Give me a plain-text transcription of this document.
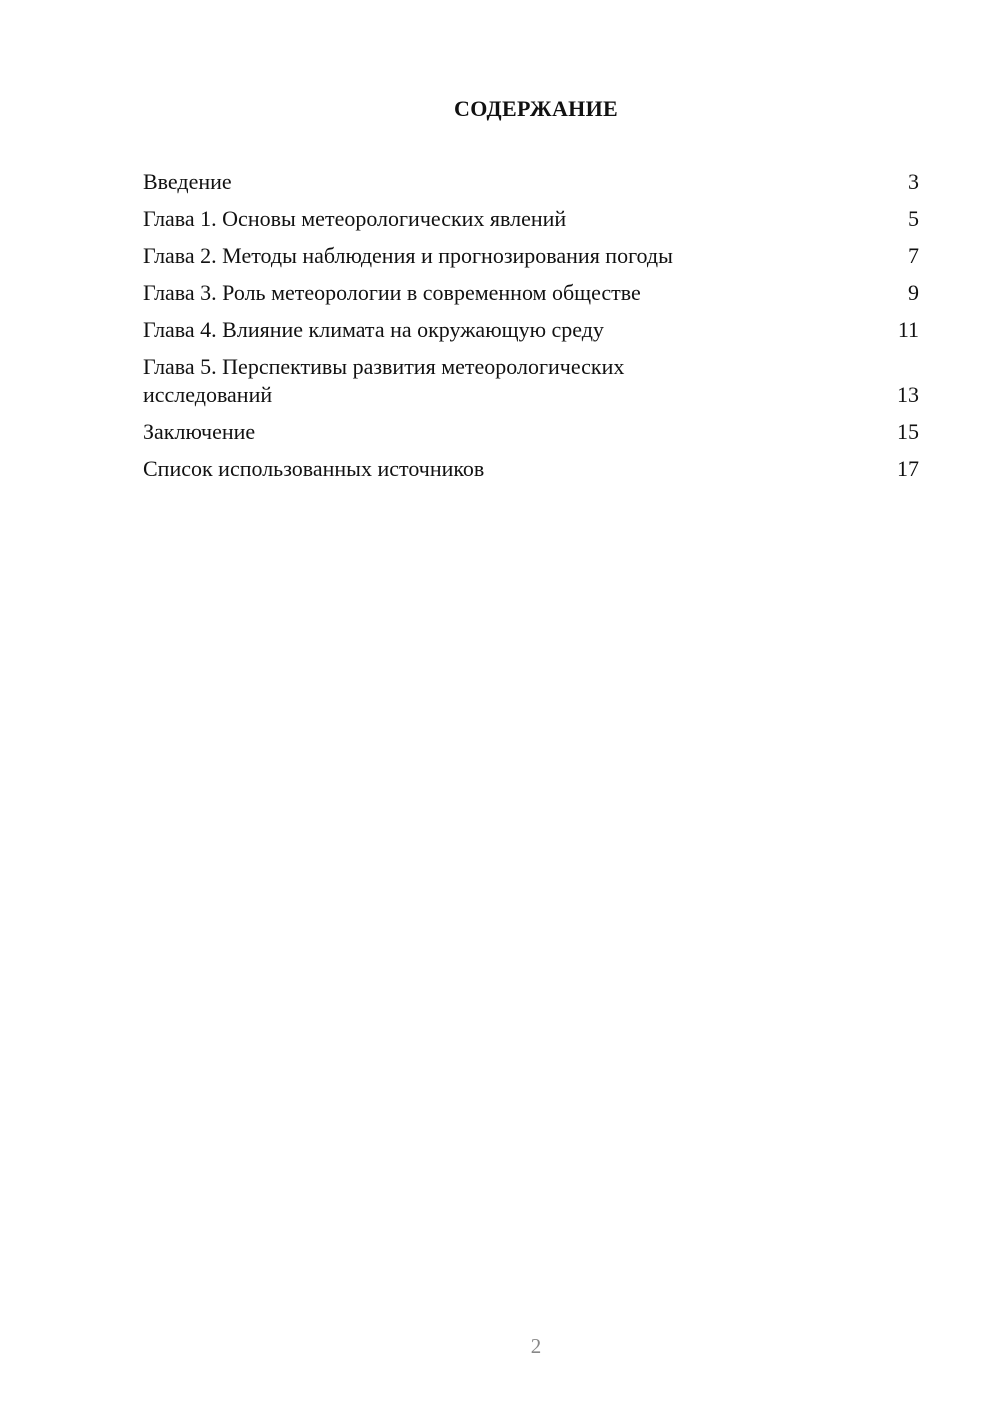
СОДЕРЖАНИЕ
Введение	3
Глава 1. Основы метеорологических явлений	5
Глава 2. Методы наблюдения и прогнозирования погоды	7
Глава 3. Роль метеорологии в современном обществе	9
Глава 4. Влияние климата на окружающую среду	11
Глава 5. Перспективы развития метеорологических
исследований	13
Заключение	15
Список использованных источников	17
2
